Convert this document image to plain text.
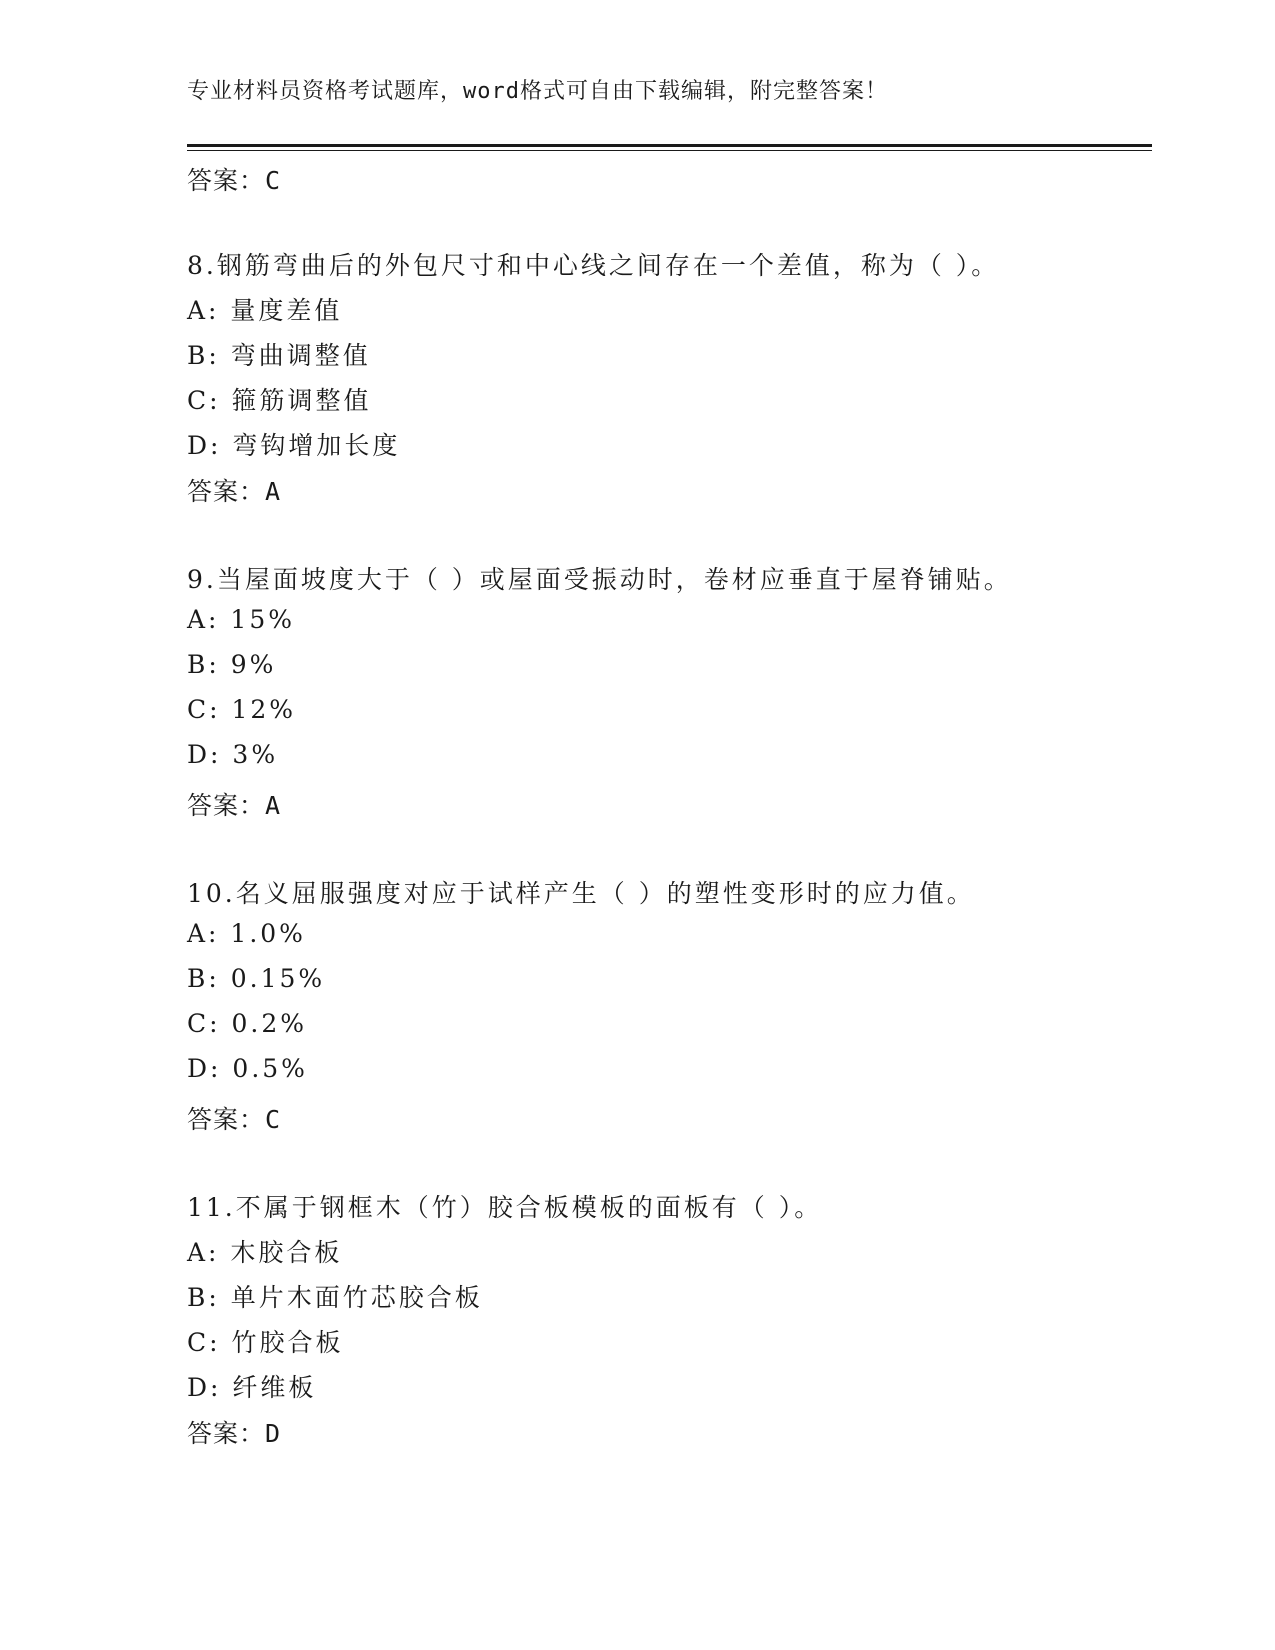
专业材料员资格考试题库，word格式可自由下载编辑，附完整答案！
答案：C
8.钢筋弯曲后的外包尺寸和中心线之间存在一个差值，称为（ ）。
A: 量度差值
B: 弯曲调整值
C: 箍筋调整值
D: 弯钩增加长度
答案：A
9.当屋面坡度大于（ ）或屋面受振动时，卷材应垂直于屋脊铺贴。
A: 15%
B: 9%
C: 12%
D: 3%
答案：A
10.名义屈服强度对应于试样产生（ ）的塑性变形时的应力值。
A: 1.0%
B: 0.15%
C: 0.2%
D: 0.5%
答案：C
11.不属于钢框木（竹）胶合板模板的面板有（ ）。
A: 木胶合板
B: 单片木面竹芯胶合板
C: 竹胶合板
D: 纤维板
答案：D
